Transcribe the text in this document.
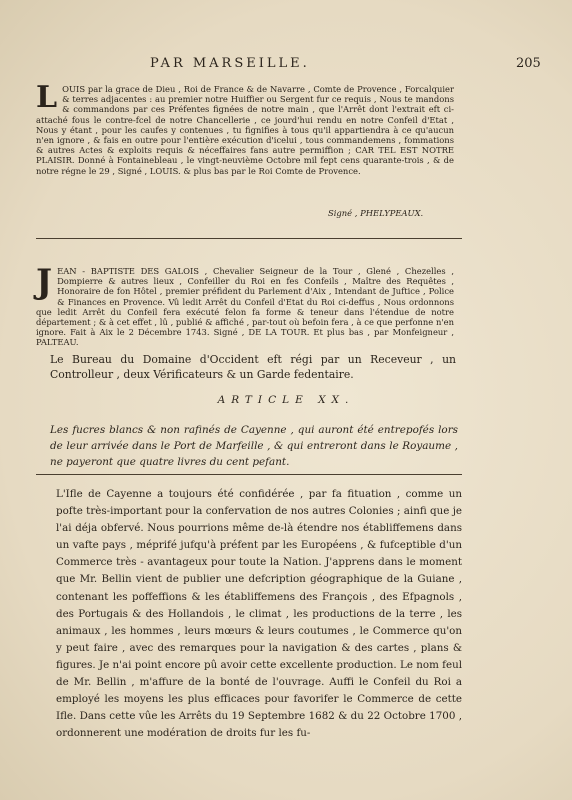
PAR MARSEILLE.	205
L OUIS par la grace de Dieu , Roi de France & de Navarre , Comte de Provence , Forcalquier & terres adjacentes : au premier notre Huiffier ou Sergent fur ce requis , Nous te mandons & commandons par ces Préfentes fignées de notre main , que l'Arrêt dont l'extrait eft ci-attaché fous le contre-fcel de notre Chancellerie , ce jourd'hui rendu en notre Confeil d'Etat , Nous y étant , pour les caufes y contenues , tu fignifies à tous qu'il appartiendra à ce qu'aucun n'en ignore , & fais en outre pour l'entière exécution d'icelui , tous commandemens , fommations & autres Actes & exploits requis & néceffaires fans autre permiffion ; CAR TEL EST NOTRE PLAISIR. Donné à Fontainebleau , le vingt-neuvième Octobre mil fept cens quarante-trois , & de notre régne le 29 , Signé , LOUIS. & plus bas par le Roi Comte de Provence.
Signé , PHELYPEAUX.
J EAN - BAPTISTE DES GALOIS , Chevalier Seigneur de la Tour , Glené , Chezelles , Dompierre & autres lieux , Confeiller du Roi en fes Confeils , Maître des Requêtes , Honoraire de fon Hôtel , premier préfident du Parlement d'Aix , Intendant de Juftice , Police & Finances en Provence. Vû ledit Arrêt du Confeil d'Etat du Roi ci-deffus , Nous ordonnons que ledit Arrêt du Confeil fera exécuté felon fa forme & teneur dans l'étendue de notre département ; & à cet effet , lû , publié & affiché , par-tout où befoin fera , à ce que perfonne n'en ignore. Fait à Aix le 2 Décembre 1743. Signé , DE LA TOUR. Et plus bas , par Monfeigneur , PALTEAU.
Le Bureau du Domaine d'Occident eft régi par un Receveur , un Controlleur , deux Vérificateurs & un Garde fedentaire.
ARTICLE XX.
Les fucres blancs & non rafinés de Cayenne , qui auront été entrepofés lors de leur arrivée dans le Port de Marfeille , & qui entreront dans le Royaume , ne payeront que quatre livres du cent pefant.
L'Ifle de Cayenne a toujours été confidérée , par fa fituation , comme un pofte très-important pour la confervation de nos autres Colonies ; ainfi que je l'ai déja obfervé. Nous pourrions même de-là étendre nos établiffemens dans un vafte pays , méprifé jufqu'à préfent par les Européens , & fufceptible d'un Commerce très - avantageux pour toute la Nation. J'apprens dans le moment que Mr. Bellin vient de publier une defcription géographique de la Guiane , contenant les poffeffions & les établiffemens des François , des Efpagnols , des Portugais & des Hollandois , le climat , les productions de la terre , les animaux , les hommes , leurs mœurs & leurs coutumes , le Commerce qu'on y peut faire , avec des remarques pour la navigation & des cartes , plans & figures. Je n'ai point encore pû avoir cette excellente production. Le nom feul de Mr. Bellin , m'affure de la bonté de l'ouvrage. Auffi le Confeil du Roi a employé les moyens les plus efficaces pour favorifer le Commerce de cette Ifle. Dans cette vûe les Arrêts du 19 Septembre 1682 & du 22 Octobre 1700 , ordonnerent une modération de droits fur les fu-
